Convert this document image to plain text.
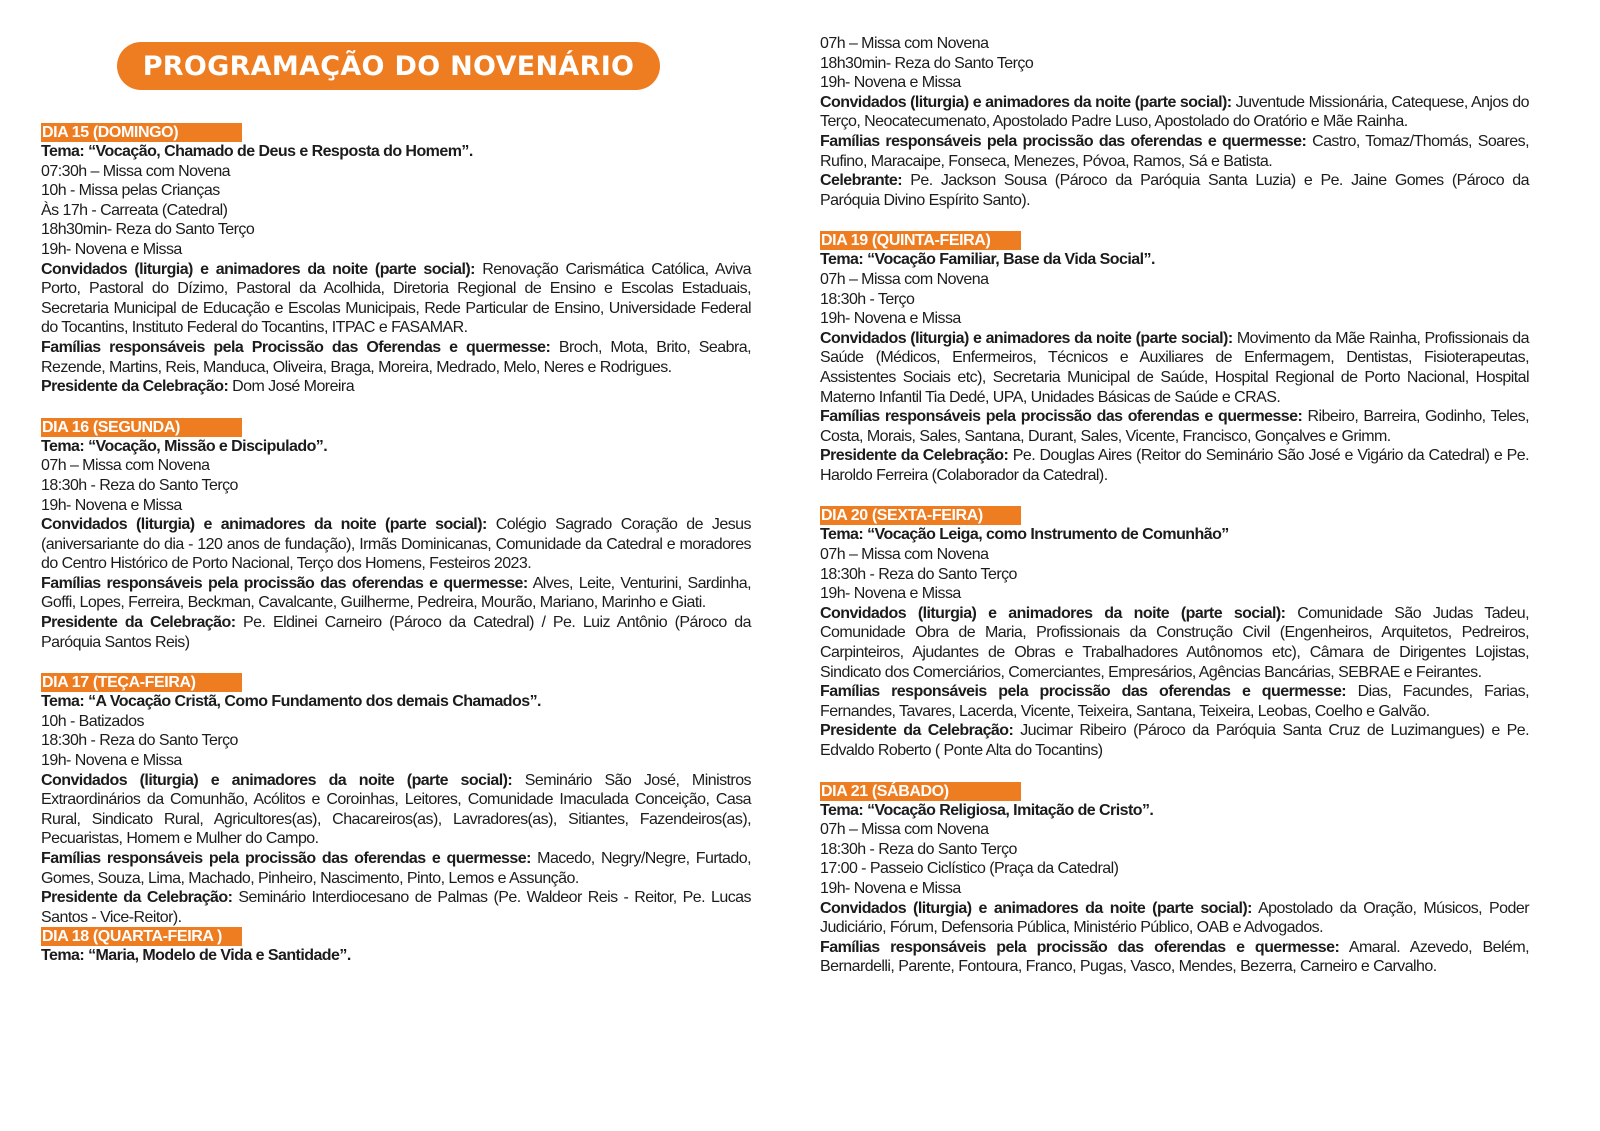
PROGRAMAÇÃO DO NOVENÁRIO
DIA 15 (DOMINGO)
Tema: “Vocação, Chamado de Deus e Resposta do Homem”.
07:30h – Missa com Novena
10h - Missa pelas Crianças
Às 17h - Carreata (Catedral)
18h30min- Reza do Santo Terço
19h- Novena e Missa
Convidados (liturgia) e animadores da noite (parte social): Renovação Carismática Católica, Aviva Porto, Pastoral do Dízimo, Pastoral da Acolhida, Diretoria Regional de Ensino e Escolas Estaduais, Secretaria Municipal de Educação e Escolas Municipais, Rede Particular de Ensino, Universidade Federal do Tocantins, Instituto Federal do Tocantins, ITPAC e FASAMAR.
Famílias responsáveis pela Procissão das Oferendas e quermesse: Broch, Mota, Brito, Seabra, Rezende, Martins, Reis, Manduca, Oliveira, Braga, Moreira, Medrado, Melo, Neres e Rodrigues.
Presidente da Celebração: Dom José Moreira
DIA 16 (SEGUNDA)
Tema: “Vocação, Missão e Discipulado”.
07h – Missa com Novena
18:30h - Reza do Santo Terço
19h- Novena e Missa
Convidados (liturgia) e animadores da noite (parte social): Colégio Sagrado Coração de Jesus (aniversariante do dia - 120 anos de fundação), Irmãs Dominicanas, Comunidade da Catedral e moradores do Centro Histórico de Porto Nacional, Terço dos Homens, Festeiros 2023.
Famílias responsáveis pela procissão das oferendas e quermesse: Alves, Leite, Venturini, Sardinha, Goffi, Lopes, Ferreira, Beckman, Cavalcante, Guilherme, Pedreira, Mourão, Mariano, Marinho e Giati.
Presidente da Celebração: Pe. Eldinei Carneiro (Pároco da Catedral) / Pe. Luiz Antônio (Pároco da Paróquia Santos Reis)
DIA 17 (TEÇA-FEIRA)
Tema: “A Vocação Cristã, Como Fundamento dos demais Chamados”.
10h - Batizados
18:30h - Reza do Santo Terço
19h- Novena e Missa
Convidados (liturgia) e animadores da noite (parte social): Seminário São José, Ministros Extraordinários da Comunhão, Acólitos e Coroinhas, Leitores, Comunidade Imaculada Conceição, Casa Rural, Sindicato Rural, Agricultores(as), Chacareiros(as), Lavradores(as), Sitiantes, Fazendeiros(as), Pecuaristas, Homem e Mulher do Campo.
Famílias responsáveis pela procissão das oferendas e quermesse: Macedo, Negry/Negre, Furtado, Gomes, Souza, Lima, Machado, Pinheiro, Nascimento, Pinto, Lemos e Assunção.
Presidente da Celebração: Seminário Interdiocesano de Palmas (Pe. Waldeor Reis - Reitor, Pe. Lucas Santos - Vice-Reitor).
DIA 18 (QUARTA-FEIRA )
Tema: “Maria, Modelo de Vida e Santidade”.
07h – Missa com Novena
18h30min- Reza do Santo Terço
19h- Novena e Missa
Convidados (liturgia) e animadores da noite (parte social): Juventude Missionária, Catequese, Anjos do Terço, Neocatecumenato, Apostolado Padre Luso, Apostolado do Oratório e Mãe Rainha.
Famílias responsáveis pela procissão das oferendas e quermesse: Castro, Tomaz/Thomás, Soares, Rufino, Maracaipe, Fonseca, Menezes, Póvoa, Ramos, Sá e Batista.
Celebrante: Pe. Jackson Sousa (Pároco da Paróquia Santa Luzia) e Pe. Jaine Gomes (Pároco da Paróquia Divino Espírito Santo).
DIA 19 (QUINTA-FEIRA)
Tema: “Vocação Familiar, Base da Vida Social”.
07h – Missa com Novena
18:30h - Terço
19h- Novena e Missa
Convidados (liturgia) e animadores da noite (parte social): Movimento da Mãe Rainha, Profissionais da Saúde (Médicos, Enfermeiros, Técnicos e Auxiliares de Enfermagem, Dentistas, Fisioterapeutas, Assistentes Sociais etc), Secretaria Municipal de Saúde, Hospital Regional de Porto Nacional, Hospital Materno Infantil Tia Dedé, UPA, Unidades Básicas de Saúde e CRAS.
Famílias responsáveis pela procissão das oferendas e quermesse: Ribeiro, Barreira, Godinho, Teles, Costa, Morais, Sales, Santana, Durant, Sales, Vicente, Francisco, Gonçalves e Grimm.
Presidente da Celebração: Pe. Douglas Aires (Reitor do Seminário São José e Vigário da Catedral) e Pe. Haroldo Ferreira (Colaborador da Catedral).
DIA 20 (SEXTA-FEIRA)
Tema: “Vocação Leiga, como Instrumento de Comunhão”
07h – Missa com Novena
18:30h - Reza do Santo Terço
19h- Novena e Missa
Convidados (liturgia) e animadores da noite (parte social): Comunidade São Judas Tadeu, Comunidade Obra de Maria, Profissionais da Construção Civil (Engenheiros, Arquitetos, Pedreiros, Carpinteiros, Ajudantes de Obras e Trabalhadores Autônomos etc), Câmara de Dirigentes Lojistas, Sindicato dos Comerciários, Comerciantes, Empresários, Agências Bancárias, SEBRAE e Feirantes.
Famílias responsáveis pela procissão das oferendas e quermesse: Dias, Facundes, Farias, Fernandes, Tavares, Lacerda, Vicente, Teixeira, Santana, Teixeira, Leobas, Coelho e Galvão.
Presidente da Celebração: Jucimar Ribeiro (Pároco da Paróquia Santa Cruz de Luzimangues) e Pe. Edvaldo Roberto ( Ponte Alta do Tocantins)
DIA 21 (SÁBADO)
Tema: “Vocação Religiosa, Imitação de Cristo”.
07h – Missa com Novena
18:30h - Reza do Santo Terço
17:00 - Passeio Ciclístico (Praça da Catedral)
19h- Novena e Missa
Convidados (liturgia) e animadores da noite (parte social): Apostolado da Oração, Músicos, Poder Judiciário, Fórum, Defensoria Pública, Ministério Público, OAB e Advogados.
Famílias responsáveis pela procissão das oferendas e quermesse: Amaral. Azevedo, Belém, Bernardelli, Parente, Fontoura, Franco, Pugas, Vasco, Mendes, Bezerra, Carneiro e Carvalho.
